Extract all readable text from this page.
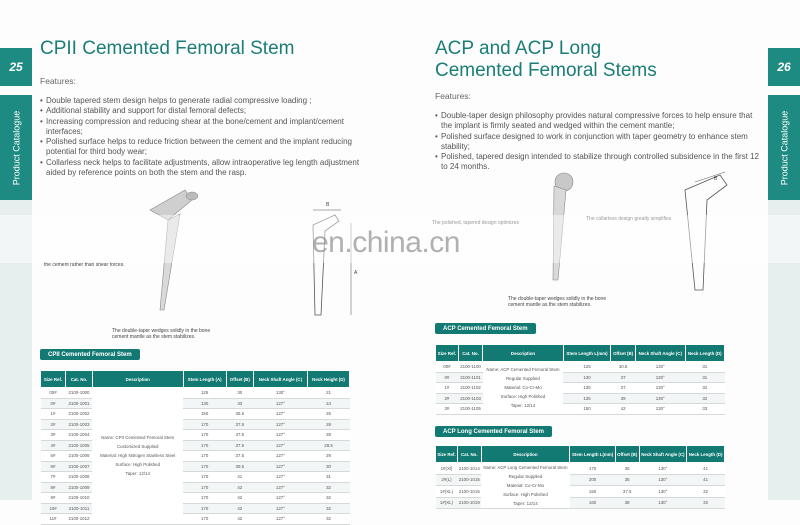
25
Product Catalogue
CPII Cemented Femoral Stem
Features:
• Double tapered stem design helps to generate radial compressive loading ;
• Additional stability and support for distal femoral defects;
• Increasing compression and reducing shear at the bone/cement and implant/cement interfaces;
• Polished surface helps to reduce friction between the cement and the implant reducing potential for third body wear;
• Collarless neck helps to facilitate adjustments, allow intraoperative leg length adjustment aided by reference points on both the stem and the rasp.
B
A
the cement rather than shear forces.
The double-taper wedges solidly in the bone cement mantle as the stem stabilizes.
CPII Cemented Femoral Stem
Size Ref.	Cat. No.	Description	Stem Length (A)	Offset (B)	Neck Shaft Angle (C)	Neck Height (D)
00#	2100-1000	Name: CPII Cemented Femoral Stem
Customized Supplied
Material: High Nitrogen Stainless Steel
Surface: High Polished
Taper: 12/14	125	30	130°	21
0#	2100-1001		130	33	127°	24
1#	2100-1002		150	35.5	127°	26
2#	2100-1003		170	37.5	127°	28
3#	2100-1004		170	37.5	127°	28
4#	2100-1005		170	37.5	127°	28.5
5#	2100-1006		170	37.5	127°	29
6#	2100-1007		170	39.5	127°	30
7#	2100-1008		170	41	127°	31
8#	2100-1009		170	42	127°	32
9#	2100-1010		170	42	127°	32
10#	2100-1011		170	42	127°	32
11#	2100-1012		170	42	127°	32
26
Product Catalogue
ACP and ACP Long
Cemented Femoral Stems
Features:
• Double-taper design philosophy provides natural compressive forces to help ensure that the implant is firmly seated and wedged within the cement mantle;
• Polished surface designed to work in conjunction with taper geometry to enhance stem stability;
• Polished, tapered design intended to stabilize through controlled subsidence in the first 12 to 24 months.
B
The polished, tapered design optimizes
The collarless design greatly simplifies
The double-taper wedges solidly in the bone cement mantle as the stem stabilizes.
ACP Cemented Femoral Stem
Size Ref.	Cat. No.	Description	Stem Length L(mm)	Offset (B)	Neck Shaft Angle (C)	Neck Length (D)
00#	2100-1100	Name: ACP Cemented Femoral Stem
Regular Supplied
Material: Co-Cr-Mo
Surface: High Polished
Taper: 12/14	125	30.5	130°	31
0#	2100-1101		130	37	130°	31
1#	2100-1102		135	37	130°	32
2#	2100-1103		135	39	130°	32
3#	2100-1105		150	42	130°	33
ACP Long Cemented Femoral Stem
Size Ref.	Cat. No.	Description	Stem Length L(mm)	Offset (B)	Neck Shaft Angle (C)	Neck Length (D)
1#(Xl)	2100-1014	Name: ACP Long Cemented Femoral Stem
Regular Supplied
Material: Co-Cr-Mo
Surface: High Polished
Taper: 12/14	170	35	130°	41
2#(L)	2100-1015		200	35	130°	41
1#(XL)	2100-1016		150	37.5	130°	32
1#(XL)	2100-1019		160	38	130°	32
en.china.cn
